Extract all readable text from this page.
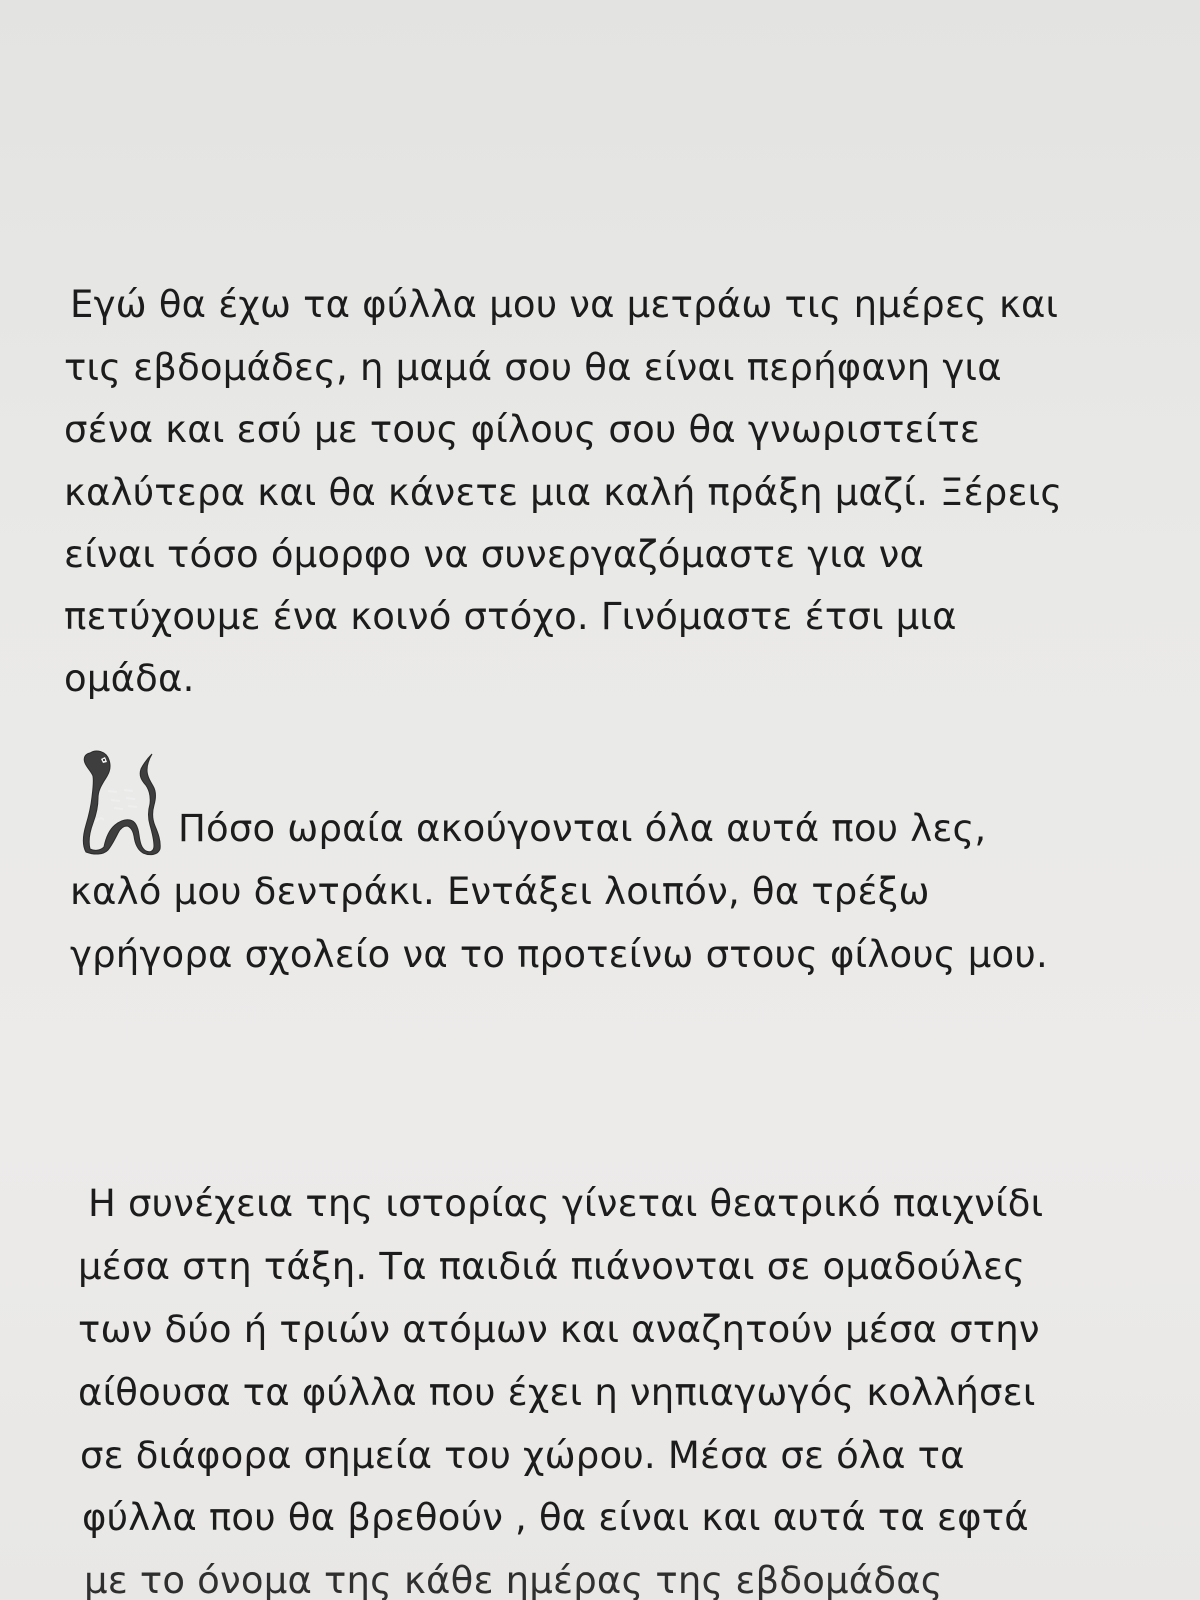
Εγώ θα έχω τα φύλλα μου να μετράω τις ημέρες και
τις εβδομάδες, η μαμά σου θα είναι περήφανη για
σένα και εσύ με τους φίλους σου θα γνωριστείτε
καλύτερα και θα κάνετε μια καλή πράξη μαζί. Ξέρεις
είναι τόσο όμορφο να συνεργαζόμαστε για να
πετύχουμε ένα κοινό στόχο. Γινόμαστε έτσι μια
ομάδα.
Πόσο ωραία ακούγονται όλα αυτά που λες,
καλό μου δεντράκι. Εντάξει λοιπόν, θα τρέξω
γρήγορα σχολείο να το προτείνω στους φίλους μου.
Η συνέχεια της ιστορίας γίνεται θεατρικό παιχνίδι
μέσα στη τάξη. Τα παιδιά πιάνονται σε ομαδούλες
των δύο ή τριών ατόμων και αναζητούν μέσα στην
αίθουσα τα φύλλα που έχει η νηπιαγωγός κολλήσει
σε διάφορα σημεία του χώρου. Μέσα σε όλα τα
φύλλα που θα βρεθούν , θα είναι και αυτά τα εφτά
με το όνομα της κάθε ημέρας της εβδομάδας
